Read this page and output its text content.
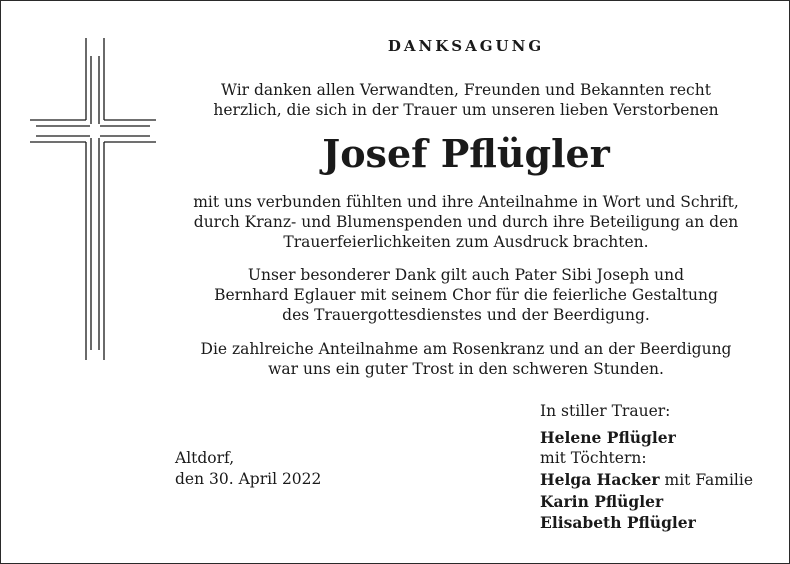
DANKSAGUNG
Wir danken allen Verwandten, Freunden und Bekannten recht
herzlich, die sich in der Trauer um unseren lieben Verstorbenen
Josef Pflügler
mit uns verbunden fühlten und ihre Anteilnahme in Wort und Schrift,
durch Kranz- und Blumenspenden und durch ihre Beteiligung an den
Trauerfeierlichkeiten zum Ausdruck brachten.
Unser besonderer Dank gilt auch Pater Sibi Joseph und
Bernhard Eglauer mit seinem Chor für die feierliche Gestaltung
des Trauergottesdienstes und der Beerdigung.
Die zahlreiche Anteilnahme am Rosenkranz und an der Beerdigung
war uns ein guter Trost in den schweren Stunden.
Altdorf,
den 30. April 2022
In stiller Trauer:
Helene Pflügler
mit Töchtern:
Helga Hacker mit Familie
Karin Pflügler
Elisabeth Pflügler
